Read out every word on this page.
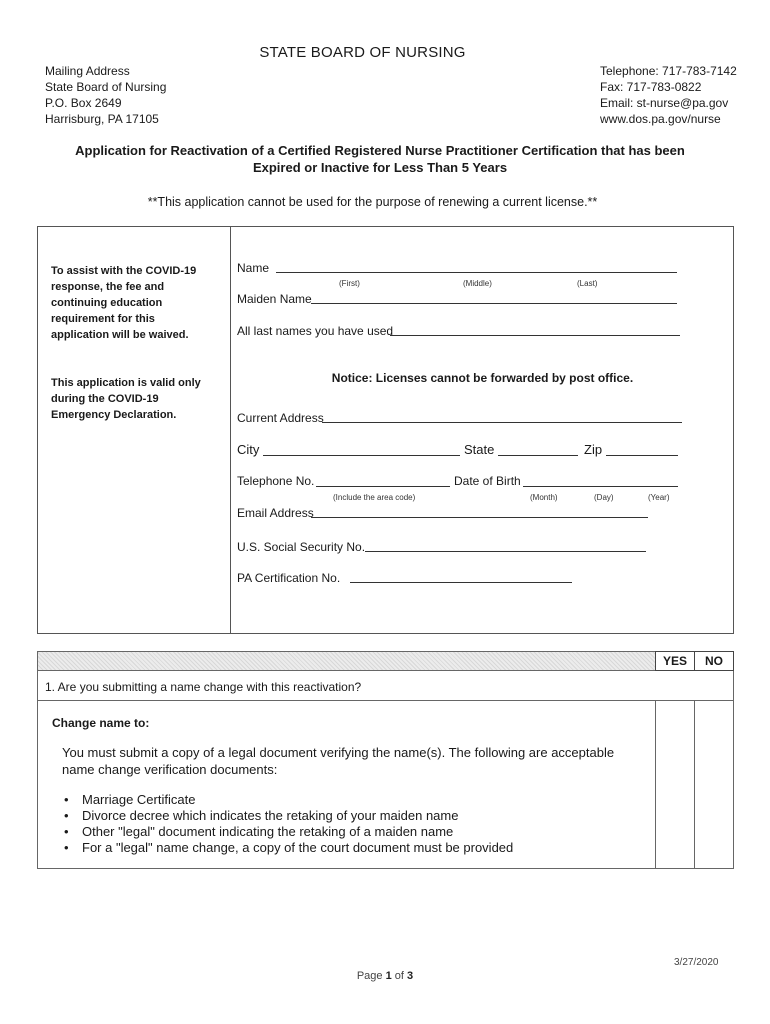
STATE BOARD OF NURSING
Mailing Address
State Board of Nursing
P.O. Box 2649
Harrisburg, PA 17105
Telephone: 717-783-7142
Fax: 717-783-0822
Email: st-nurse@pa.gov
www.dos.pa.gov/nurse
Application for Reactivation of a Certified Registered Nurse Practitioner Certification that has been
Expired or Inactive for Less Than 5 Years
**This application cannot be used for the purpose of renewing a current license.**
To assist with the COVID-19
response, the fee and
continuing education
requirement for this
application will be waived.
This application is valid only
during the COVID-19
Emergency Declaration.
Name
(First)	(Middle)	(Last)
Maiden Name
All last names you have used
Notice: Licenses cannot be forwarded by post office.
Current Address
City	State	Zip
Telephone No.	Date of Birth
(Include the area code)	(Month)	(Day)	(Year)
Email Address
U.S. Social Security No.
PA Certification No.
YES	NO
1. Are you submitting a name change with this reactivation?
Change name to:
You must submit a copy of a legal document verifying the name(s). The following are acceptable name change verification documents:
• Marriage Certificate
• Divorce decree which indicates the retaking of your maiden name
• Other "legal" document indicating the retaking of a maiden name
• For a "legal" name change, a copy of the court document must be provided
3/27/2020
Page 1 of 3
